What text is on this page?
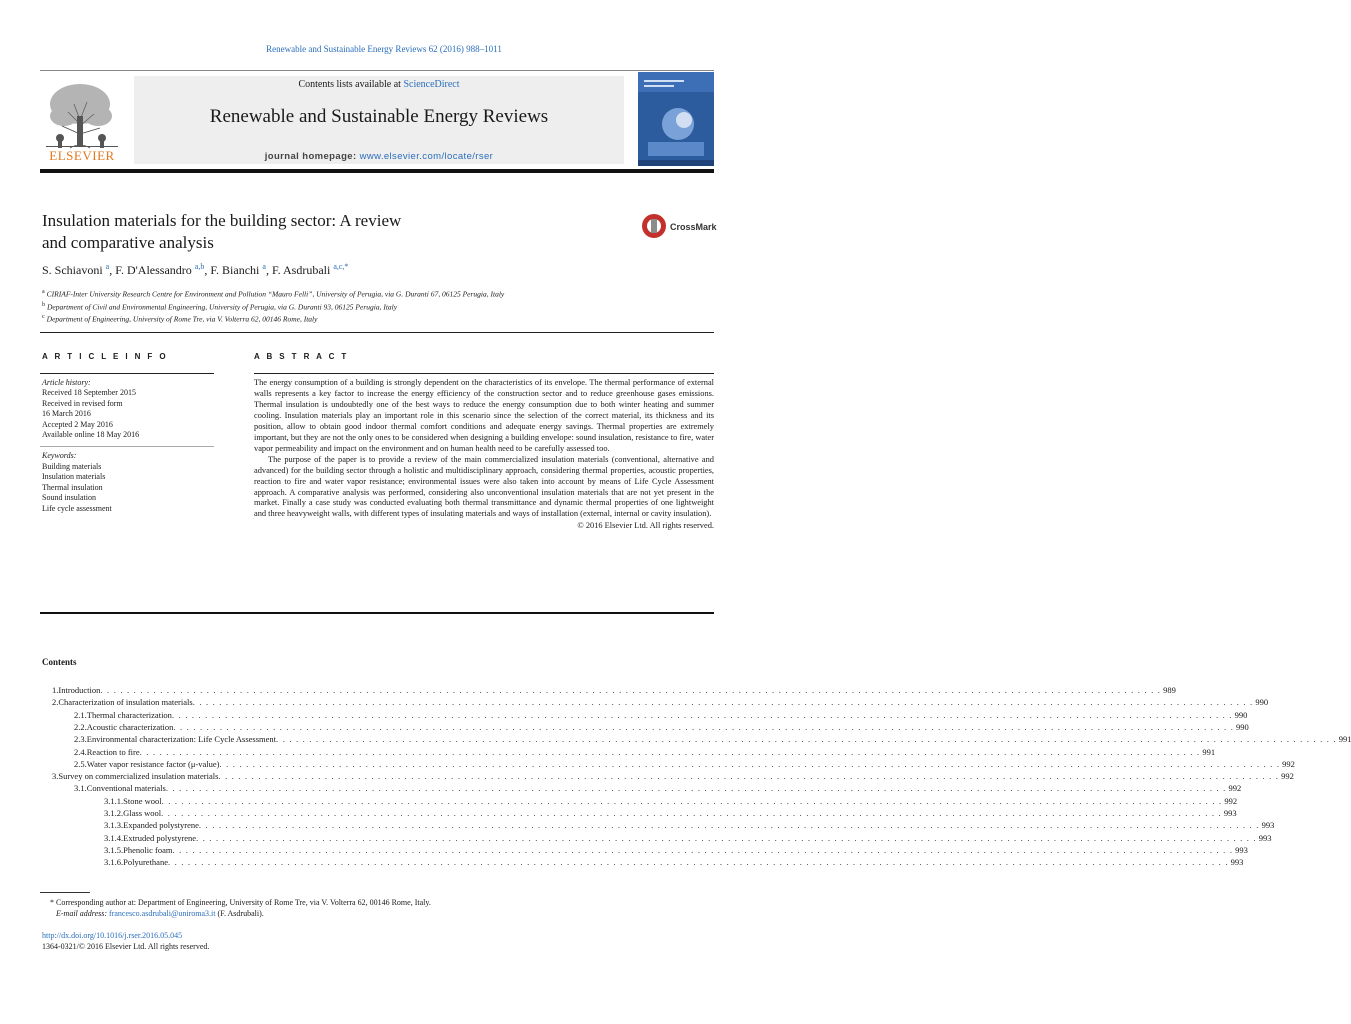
Renewable and Sustainable Energy Reviews 62 (2016) 988–1011
ELSEVIER
Contents lists available at ScienceDirect
Renewable and Sustainable Energy Reviews
journal homepage: www.elsevier.com/locate/rser
Insulation materials for the building sector: A review
and comparative analysis
CrossMark
S. Schiavoni $^a$, F. D'Alessandro $^{a,b}$, F. Bianchi $^a$, F. Asdrubali $^{a,c,*}$
$^a$ CIRIAF-Inter University Research Centre for Environment and Pollution “Mauro Felli”, University of Perugia, via G. Duranti 67, 06125 Perugia, Italy
$^b$ Department of Civil and Environmental Engineering, University of Perugia, via G. Duranti 93, 06125 Perugia, Italy
$^c$ Department of Engineering, University of Rome Tre, via V. Volterra 62, 00146 Rome, Italy
A R T I C L E I N F O
Article history:
Received 18 September 2015
Received in revised form
16 March 2016
Accepted 2 May 2016
Available online 18 May 2016
Keywords:
Building materials
Insulation materials
Thermal insulation
Sound insulation
Life cycle assessment
A B S T R A C T

The energy consumption of a building is strongly dependent on the characteristics of its envelope. The thermal performance of external walls represents a key factor to increase the energy efficiency of the construction sector and to reduce greenhouse gases emissions. Thermal insulation is undoubtedly one of the best ways to reduce the energy consumption due to both winter heating and summer cooling. Insulation materials play an important role in this scenario since the selection of the correct material, its thickness and its position, allow to obtain good indoor thermal comfort conditions and adequate energy savings. Thermal properties are extremely important, but they are not the only ones to be considered when designing a building envelope: sound insulation, resistance to fire, water vapor permeability and impact on the environment and on human health need to be carefully assessed too.

The purpose of the paper is to provide a review of the main commercialized insulation materials (conventional, alternative and advanced) for the building sector through a holistic and multidisciplinary approach, considering thermal properties, acoustic properties, reaction to fire and water vapor resistance; environmental issues were also taken into account by means of Life Cycle Assessment approach. A comparative analysis was performed, considering also unconventional insulation materials that are not yet present in the market. Finally a case study was conducted evaluating both thermal transmittance and dynamic thermal properties of one lightweight and three heavyweight walls, with different types of insulating materials and ways of installation (external, internal or cavity insulation).

© 2016 Elsevier Ltd. All rights reserved.

Contents
1. Introduction . . . . . . . . . . . . . . . . . . . . . . . . . . . . . . . . . . . . . . . . . . . . . . . . . . . . . . . . . . . . . . . . . . . . . . . . . . . . . . . . . . . . . . . . . . . . . . . . . . . . . . . . . . . . . . . . . . . . . . . . . . . . . . . . . . . . . . . . . . . . . . . . . . . . . . . . . . . . . . . . 989
2. Characterization of insulation materials . . . . . . . . . . . . . . . . . . . . . . . . . . . . . . . . . . . . . . . . . . . . . . . . . . . . . . . . . . . . . . . . . . . . . . . . . . . . . . . . . . . . . . . . . . . . . . . . . . . . . . . . . . . . . . . . . . . . . . . . . . . . . . . . . . . . . . . . . . . . . . . . . . . . . . . . . . . . . . . . 990
2.1. Thermal characterization . . . . . . . . . . . . . . . . . . . . . . . . . . . . . . . . . . . . . . . . . . . . . . . . . . . . . . . . . . . . . . . . . . . . . . . . . . . . . . . . . . . . . . . . . . . . . . . . . . . . . . . . . . . . . . . . . . . . . . . . . . . . . . . . . . . . . . . . . . . . . . . . . . . . . . . . . . . . . . . . 990
2.2. Acoustic characterization . . . . . . . . . . . . . . . . . . . . . . . . . . . . . . . . . . . . . . . . . . . . . . . . . . . . . . . . . . . . . . . . . . . . . . . . . . . . . . . . . . . . . . . . . . . . . . . . . . . . . . . . . . . . . . . . . . . . . . . . . . . . . . . . . . . . . . . . . . . . . . . . . . . . . . . . . . . . . . . . 990
2.3. Environmental characterization: Life Cycle Assessment . . . . . . . . . . . . . . . . . . . . . . . . . . . . . . . . . . . . . . . . . . . . . . . . . . . . . . . . . . . . . . . . . . . . . . . . . . . . . . . . . . . . . . . . . . . . . . . . . . . . . . . . . . . . . . . . . . . . . . . . . . . . . . . . . . . . . . . . . . . . . . . . . . . . . . . . . . . . . . . . 991
2.4. Reaction to fire . . . . . . . . . . . . . . . . . . . . . . . . . . . . . . . . . . . . . . . . . . . . . . . . . . . . . . . . . . . . . . . . . . . . . . . . . . . . . . . . . . . . . . . . . . . . . . . . . . . . . . . . . . . . . . . . . . . . . . . . . . . . . . . . . . . . . . . . . . . . . . . . . . . . . . . . . . . . . . . . 991
2.5. Water vapor resistance factor (μ-value) . . . . . . . . . . . . . . . . . . . . . . . . . . . . . . . . . . . . . . . . . . . . . . . . . . . . . . . . . . . . . . . . . . . . . . . . . . . . . . . . . . . . . . . . . . . . . . . . . . . . . . . . . . . . . . . . . . . . . . . . . . . . . . . . . . . . . . . . . . . . . . . . . . . . . . . . . . . . . . . . 992
3. Survey on commercialized insulation materials . . . . . . . . . . . . . . . . . . . . . . . . . . . . . . . . . . . . . . . . . . . . . . . . . . . . . . . . . . . . . . . . . . . . . . . . . . . . . . . . . . . . . . . . . . . . . . . . . . . . . . . . . . . . . . . . . . . . . . . . . . . . . . . . . . . . . . . . . . . . . . . . . . . . . . . . . . . . . . . . 992
3.1. Conventional materials . . . . . . . . . . . . . . . . . . . . . . . . . . . . . . . . . . . . . . . . . . . . . . . . . . . . . . . . . . . . . . . . . . . . . . . . . . . . . . . . . . . . . . . . . . . . . . . . . . . . . . . . . . . . . . . . . . . . . . . . . . . . . . . . . . . . . . . . . . . . . . . . . . . . . . . . . . . . . . . . 992
3.1.1. Stone wool . . . . . . . . . . . . . . . . . . . . . . . . . . . . . . . . . . . . . . . . . . . . . . . . . . . . . . . . . . . . . . . . . . . . . . . . . . . . . . . . . . . . . . . . . . . . . . . . . . . . . . . . . . . . . . . . . . . . . . . . . . . . . . . . . . . . . . . . . . . . . . . . . . . . . . . . . . . . . . . . 992
3.1.2. Glass wool . . . . . . . . . . . . . . . . . . . . . . . . . . . . . . . . . . . . . . . . . . . . . . . . . . . . . . . . . . . . . . . . . . . . . . . . . . . . . . . . . . . . . . . . . . . . . . . . . . . . . . . . . . . . . . . . . . . . . . . . . . . . . . . . . . . . . . . . . . . . . . . . . . . . . . . . . . . . . . . . 993
3.1.3. Expanded polystyrene . . . . . . . . . . . . . . . . . . . . . . . . . . . . . . . . . . . . . . . . . . . . . . . . . . . . . . . . . . . . . . . . . . . . . . . . . . . . . . . . . . . . . . . . . . . . . . . . . . . . . . . . . . . . . . . . . . . . . . . . . . . . . . . . . . . . . . . . . . . . . . . . . . . . . . . . . . . . . . . . 993
3.1.4. Extruded polystyrene . . . . . . . . . . . . . . . . . . . . . . . . . . . . . . . . . . . . . . . . . . . . . . . . . . . . . . . . . . . . . . . . . . . . . . . . . . . . . . . . . . . . . . . . . . . . . . . . . . . . . . . . . . . . . . . . . . . . . . . . . . . . . . . . . . . . . . . . . . . . . . . . . . . . . . . . . . . . . . . . 993
3.1.5. Phenolic foam . . . . . . . . . . . . . . . . . . . . . . . . . . . . . . . . . . . . . . . . . . . . . . . . . . . . . . . . . . . . . . . . . . . . . . . . . . . . . . . . . . . . . . . . . . . . . . . . . . . . . . . . . . . . . . . . . . . . . . . . . . . . . . . . . . . . . . . . . . . . . . . . . . . . . . . . . . . . . . . . 993
3.1.6. Polyurethane . . . . . . . . . . . . . . . . . . . . . . . . . . . . . . . . . . . . . . . . . . . . . . . . . . . . . . . . . . . . . . . . . . . . . . . . . . . . . . . . . . . . . . . . . . . . . . . . . . . . . . . . . . . . . . . . . . . . . . . . . . . . . . . . . . . . . . . . . . . . . . . . . . . . . . . . . . . . . . . . 993
* Corresponding author at: Department of Engineering, University of Rome Tre, via V. Volterra 62, 00146 Rome, Italy.
E-mail address: francesco.asdrubali@uniroma3.it (F. Asdrubali).
http://dx.doi.org/10.1016/j.rser.2016.05.045
1364-0321/© 2016 Elsevier Ltd. All rights reserved.
